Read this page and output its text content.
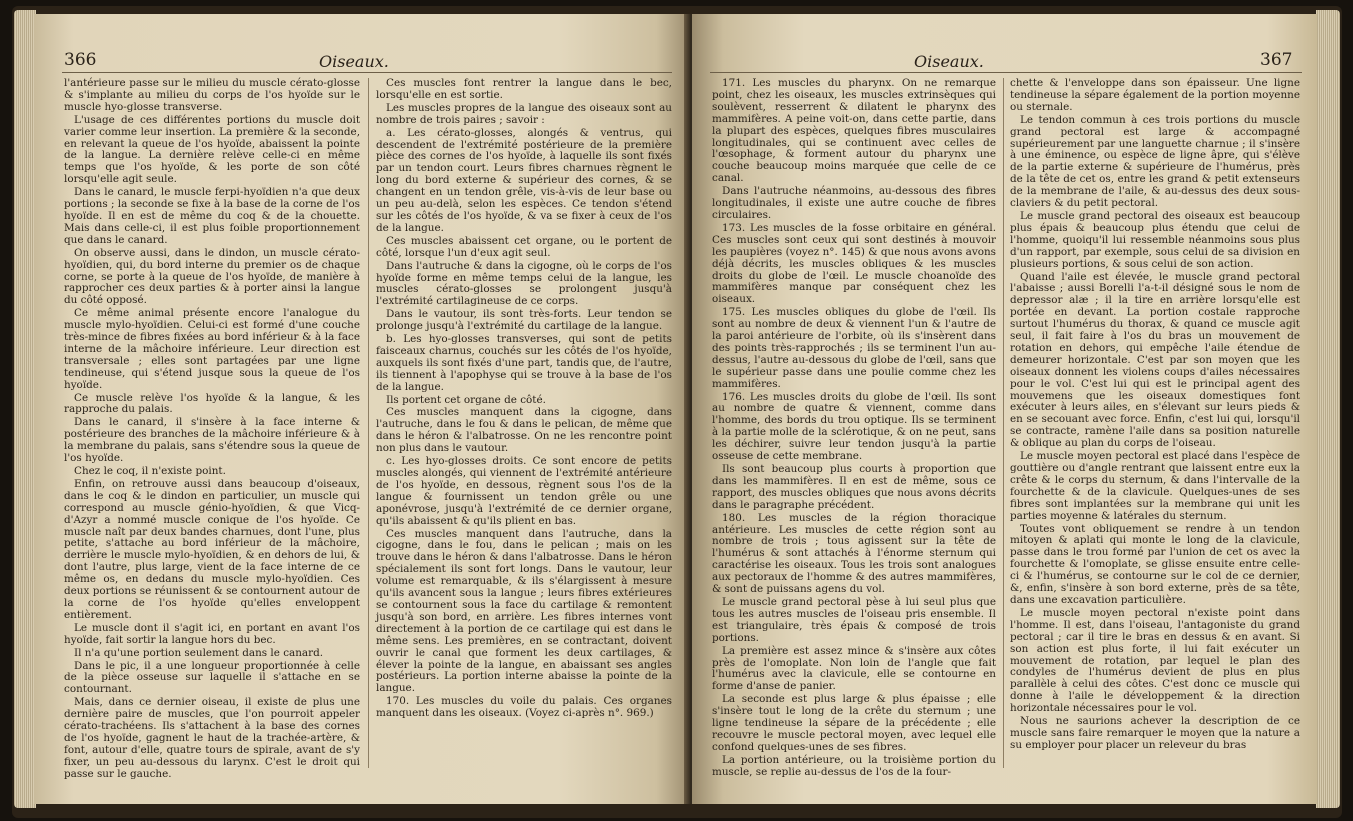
366	Oiseaux.

l'antérieure passe sur le milieu du muscle cérato-glosse & s'implante au milieu du corps de l'os hyoïde sur le muscle hyo-glosse transverse.

L'usage de ces différentes portions du muscle doit varier comme leur insertion. La première & la seconde, en relevant la queue de l'os hyoïde, abaissent la pointe de la langue. La dernière relève celle-ci en même temps que l'os hyoïde, & les porte de son côté lorsqu'elle agit seule.

Dans le canard, le muscle ferpi-hyoïdien n'a que deux portions ; la seconde se fixe à la base de la corne de l'os hyoïde. Il en est de même du coq & de la chouette. Mais dans celle-ci, il est plus foible proportionnement que dans le canard.

On observe aussi, dans le dindon, un muscle cérato-hyoïdien, qui, du bord interne du premier os de chaque corne, se porte à la queue de l'os hyoïde, de manière à rapprocher ces deux parties & à porter ainsi la langue du côté opposé.

Ce même animal présente encore l'analogue du muscle mylo-hyoïdien. Celui-ci est formé d'une couche très-mince de fibres fixées au bord inférieur & à la face interne de la mâchoire inférieure. Leur direction est transversale ; elles sont partagées par une ligne tendineuse, qui s'étend jusque sous la queue de l'os hyoïde.

Ce muscle relève l'os hyoïde & la langue, & les rapproche du palais.

Dans le canard, il s'insère à la face interne & postérieure des branches de la mâchoire inférieure & à la membrane du palais, sans s'étendre sous la queue de l'os hyoïde.

Chez le coq, il n'existe point.

Enfin, on retrouve aussi dans beaucoup d'oiseaux, dans le coq & le dindon en particulier, un muscle qui correspond au muscle génio-hyoïdien, & que Vicq-d'Azyr a nommé muscle conique de l'os hyoïde. Ce muscle naît par deux bandes charnues, dont l'une, plus petite, s'attache au bord inférieur de la mâchoire, derrière le muscle mylo-hyoïdien, & en dehors de lui, & dont l'autre, plus large, vient de la face interne de ce même os, en dedans du muscle mylo-hyoïdien. Ces deux portions se réunissent & se contournent autour de la corne de l'os hyoïde qu'elles enveloppent entièrement.

Le muscle dont il s'agit ici, en portant en avant l'os hyoïde, fait sortir la langue hors du bec.

Il n'a qu'une portion seulement dans le canard.

Dans le pic, il a une longueur proportionnée à celle de la pièce osseuse sur laquelle il s'attache en se contournant.

Mais, dans ce dernier oiseau, il existe de plus une dernière paire de muscles, que l'on pourroit appeler cérato-trachéens. Ils s'attachent à la base des cornes de l'os hyoïde, gagnent le haut de la trachée-artère, & font, autour d'elle, quatre tours de spirale, avant de s'y fixer, un peu au-dessous du larynx. C'est le droit qui passe sur le gauche.

Ces muscles font rentrer la langue dans le bec, lorsqu'elle en est sortie.

Les muscles propres de la langue des oiseaux sont au nombre de trois paires ; savoir :

a. Les cérato-glosses, alongés & ventrus, qui descendent de l'extrémité postérieure de la première pièce des cornes de l'os hyoïde, à laquelle ils sont fixés par un tendon court. Leurs fibres charnues règnent le long du bord externe & supérieur des cornes, & se changent en un tendon grêle, vis-à-vis de leur base ou un peu au-delà, selon les espèces. Ce tendon s'étend sur les côtés de l'os hyoïde, & va se fixer à ceux de l'os de la langue.

Ces muscles abaissent cet organe, ou le portent de côté, lorsque l'un d'eux agit seul.

Dans l'autruche & dans la cigogne, où le corps de l'os hyoïde forme en même temps celui de la langue, les muscles cérato-glosses se prolongent jusqu'à l'extrémité cartilagineuse de ce corps.

Dans le vautour, ils sont très-forts. Leur tendon se prolonge jusqu'à l'extrémité du cartilage de la langue.

b. Les hyo-glosses transverses, qui sont de petits faisceaux charnus, couchés sur les côtés de l'os hyoïde, auxquels ils sont fixés d'une part, tandis que, de l'autre, ils tiennent à l'apophyse qui se trouve à la base de l'os de la langue.

Ils portent cet organe de côté.

Ces muscles manquent dans la cigogne, dans l'autruche, dans le fou & dans le pelican, de même que dans le héron & l'albatrosse. On ne les rencontre point non plus dans le vautour.

c. Les hyo-glosses droits. Ce sont encore de petits muscles alongés, qui viennent de l'extrémité antérieure de l'os hyoïde, en dessous, règnent sous l'os de la langue & fournissent un tendon grêle ou une aponévrose, jusqu'à l'extrémité de ce dernier organe, qu'ils abaissent & qu'ils plient en bas.

Ces muscles manquent dans l'autruche, dans la cigogne, dans le fou, dans le pelican ; mais on les trouve dans le héron & dans l'albatrosse. Dans le héron spécialement ils sont fort longs. Dans le vautour, leur volume est remarquable, & ils s'élargissent à mesure qu'ils avancent sous la langue ; leurs fibres extérieures se contournent sous la face du cartilage & remontent jusqu'à son bord, en arrière. Les fibres internes vont directement à la portion de ce cartilage qui est dans le même sens. Les premières, en se contractant, doivent ouvrir le canal que forment les deux cartilages, & élever la pointe de la langue, en abaissant ses angles postérieurs. La portion interne abaisse la pointe de la langue.

170. Les muscles du voile du palais. Ces organes manquent dans les oiseaux. (Voyez ci-après n°. 969.)

Oiseaux.	367

171. Les muscles du pharynx. On ne remarque point, chez les oiseaux, les muscles extrinsèques qui soulèvent, resserrent & dilatent le pharynx des mammifères. A peine voit-on, dans cette partie, dans la plupart des espèces, quelques fibres musculaires longitudinales, qui se continuent avec celles de l'œsophage, & forment autour du pharynx une couche beaucoup moins marquée que celle de ce canal.

Dans l'autruche néanmoins, au-dessous des fibres longitudinales, il existe une autre couche de fibres circulaires.

173. Les muscles de la fosse orbitaire en général. Ces muscles sont ceux qui sont destinés à mouvoir les paupières (voyez n°. 145) & que nous avons avons déjà décrits, les muscles obliques & les muscles droits du globe de l'œil. Le muscle choanoïde des mammifères manque par conséquent chez les oiseaux.

175. Les muscles obliques du globe de l'œil. Ils sont au nombre de deux & viennent l'un & l'autre de la paroi antérieure de l'orbite, où ils s'insèrent dans des points très-rapprochés ; ils se terminent l'un au-dessus, l'autre au-dessous du globe de l'œil, sans que le supérieur passe dans une poulie comme chez les mammifères.

176. Les muscles droits du globe de l'œil. Ils sont au nombre de quatre & viennent, comme dans l'homme, des bords du trou optique. Ils se terminent à la partie molle de la sclérotique, & on ne peut, sans les déchirer, suivre leur tendon jusqu'à la partie osseuse de cette membrane.

Ils sont beaucoup plus courts à proportion que dans les mammifères. Il en est de même, sous ce rapport, des muscles obliques que nous avons décrits dans le paragraphe précédent.

180. Les muscles de la région thoracique antérieure. Les muscles de cette région sont au nombre de trois ; tous agissent sur la tête de l'humérus & sont attachés à l'énorme sternum qui caractérise les oiseaux. Tous les trois sont analogues aux pectoraux de l'homme & des autres mammifères, & sont de puissans agens du vol.

Le muscle grand pectoral pèse à lui seul plus que tous les autres muscles de l'oiseau pris ensemble. Il est triangulaire, très épais & composé de trois portions.

La première est assez mince & s'insère aux côtes près de l'omoplate. Non loin de l'angle que fait l'humérus avec la clavicule, elle se contourne en forme d'anse de panier.

La seconde est plus large & plus épaisse ; elle s'insère tout le long de la crête du sternum ; une ligne tendineuse la sépare de la précédente ; elle recouvre le muscle pectoral moyen, avec lequel elle confond quelques-unes de ses fibres.

La portion antérieure, ou la troisième portion du muscle, se replie au-dessus de l'os de la four-

chette & l'enveloppe dans son épaisseur. Une ligne tendineuse la sépare également de la portion moyenne ou sternale.

Le tendon commun à ces trois portions du muscle grand pectoral est large & accompagné supérieurement par une languette charnue ; il s'insère à une éminence, ou espèce de ligne âpre, qui s'élève de la partie externe & supérieure de l'humérus, près de la tête de cet os, entre les grand & petit extenseurs de la membrane de l'aile, & au-dessus des deux sous-claviers & du petit pectoral.

Le muscle grand pectoral des oiseaux est beaucoup plus épais & beaucoup plus étendu que celui de l'homme, quoiqu'il lui ressemble néanmoins sous plus d'un rapport, par exemple, sous celui de sa division en plusieurs portions, & sous celui de son action.

Quand l'aile est élevée, le muscle grand pectoral l'abaisse ; aussi Borelli l'a-t-il désigné sous le nom de depressor alæ ; il la tire en arrière lorsqu'elle est portée en devant. La portion costale rapproche surtout l'humérus du thorax, & quand ce muscle agit seul, il fait faire à l'os du bras un mouvement de rotation en dehors, qui empêche l'aile étendue de demeurer horizontale. C'est par son moyen que les oiseaux donnent les violens coups d'ailes nécessaires pour le vol. C'est lui qui est le principal agent des mouvemens que les oiseaux domestiques font exécuter à leurs ailes, en s'élevant sur leurs pieds & en se secouant avec force. Enfin, c'est lui qui, lorsqu'il se contracte, ramène l'aile dans sa position naturelle & oblique au plan du corps de l'oiseau.

Le muscle moyen pectoral est placé dans l'espèce de gouttière ou d'angle rentrant que laissent entre eux la crête & le corps du sternum, & dans l'intervalle de la fourchette & de la clavicule. Quelques-unes de ses fibres sont implantées sur la membrane qui unit les parties moyenne & latérales du sternum.

Toutes vont obliquement se rendre à un tendon mitoyen & aplati qui monte le long de la clavicule, passe dans le trou formé par l'union de cet os avec la fourchette & l'omoplate, se glisse ensuite entre celle-ci & l'humérus, se contourne sur le col de ce dernier, &, enfin, s'insère à son bord externe, près de sa tête, dans une excavation particulière.

Le muscle moyen pectoral n'existe point dans l'homme. Il est, dans l'oiseau, l'antagoniste du grand pectoral ; car il tire le bras en dessus & en avant. Si son action est plus forte, il lui fait exécuter un mouvement de rotation, par lequel le plan des condyles de l'humérus devient de plus en plus parallèle à celui des côtes. C'est donc ce muscle qui donne à l'aile le développement & la direction horizontale nécessaires pour le vol.

Nous ne saurions achever la description de ce muscle sans faire remarquer le moyen que la nature a su employer pour placer un releveur du bras
